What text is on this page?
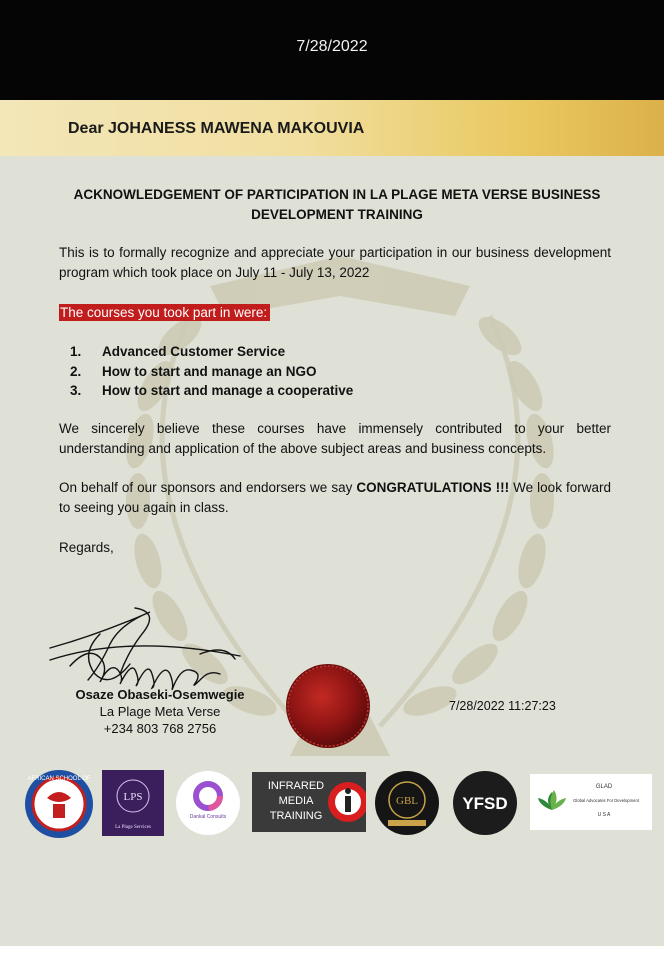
7/28/2022
Dear JOHANESS MAWENA MAKOUVIA
ACKNOWLEDGEMENT OF PARTICIPATION IN LA PLAGE META VERSE BUSINESS DEVELOPMENT TRAINING
This is to formally recognize and appreciate your participation in our business development program which took place on July 11 - July 13, 2022
The courses you took part in were:
1.	Advanced Customer Service
2.	How to start and manage an NGO
3.	How to start and manage a cooperative
We sincerely believe these courses have immensely contributed to your better understanding and application of the above subject areas and business concepts.
On behalf of our sponsors and endorsers we say CONGRATULATIONS !!! We look forward to seeing you again in class.
Regards,
Osaze Obaseki-Osemwegie
La Plage Meta Verse
+234 803 768 2756
7/28/2022 11:27:23
AFRICAN SCHOOL OF
LPS
La Plage Services
Dankal Consults
INFRARED
MEDIA
TRAINING
GBL	YFSD
GLAD
Global Advocates For Development
U S A
